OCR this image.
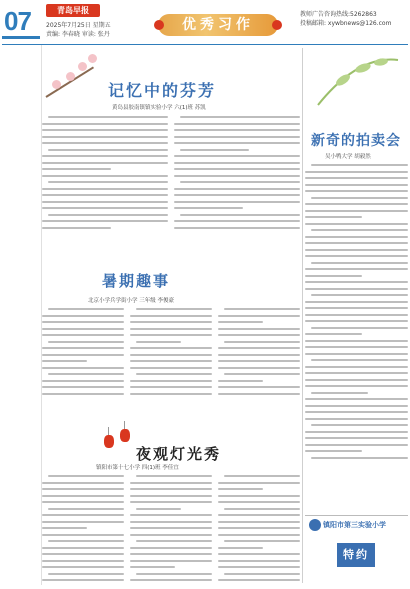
07	青岛早报
2025年7月25日 星期五
责编: 李春晓 审读: 张丹
优秀习作
教师广告咨询热线:5262863
投稿邮箱: xywbnews@126.com
记忆中的芬芳
黄岛县胶南镇镇实验小学 六(1)班 苏凯
新奇的拍卖会
吴小鸭大学 胡毅然
暑期趣事
北京小学兵学街小学 三年级 李俊豪
夜观灯光秀
镇阳市第十七小学 四(1)班 李佳宜
镇阳市第三实验小学
特约
